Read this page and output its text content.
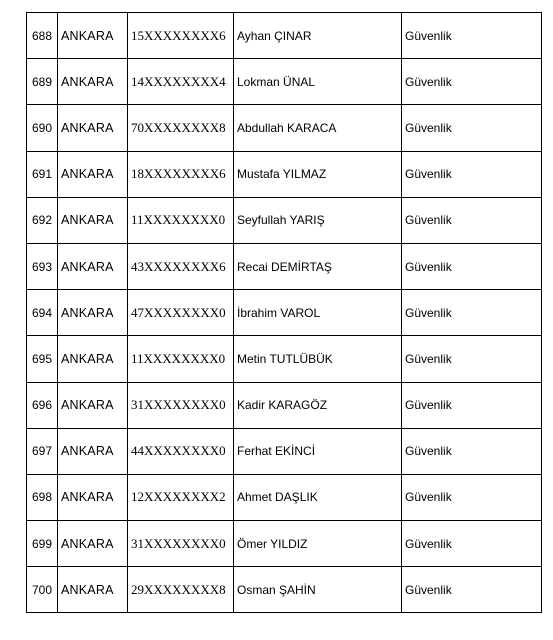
688	ANKARA	15XXXXXXXX6	Ayhan ÇINAR	Güvenlik
689	ANKARA	14XXXXXXXX4	Lokman ÜNAL	Güvenlik
690	ANKARA	70XXXXXXXX8	Abdullah KARACA	Güvenlik
691	ANKARA	18XXXXXXXX6	Mustafa YILMAZ	Güvenlik
692	ANKARA	11XXXXXXXX0	Seyfullah YARIŞ	Güvenlik
693	ANKARA	43XXXXXXXX6	Recai DEMİRTAŞ	Güvenlik
694	ANKARA	47XXXXXXXX0	İbrahim VAROL	Güvenlik
695	ANKARA	11XXXXXXXX0	Metin TUTLÜBÜK	Güvenlik
696	ANKARA	31XXXXXXXX0	Kadir KARAGÖZ	Güvenlik
697	ANKARA	44XXXXXXXX0	Ferhat EKİNCİ	Güvenlik
698	ANKARA	12XXXXXXXX2	Ahmet DAŞLIK	Güvenlik
699	ANKARA	31XXXXXXXX0	Ömer YILDIZ	Güvenlik
700	ANKARA	29XXXXXXXX8	Osman ŞAHİN	Güvenlik
